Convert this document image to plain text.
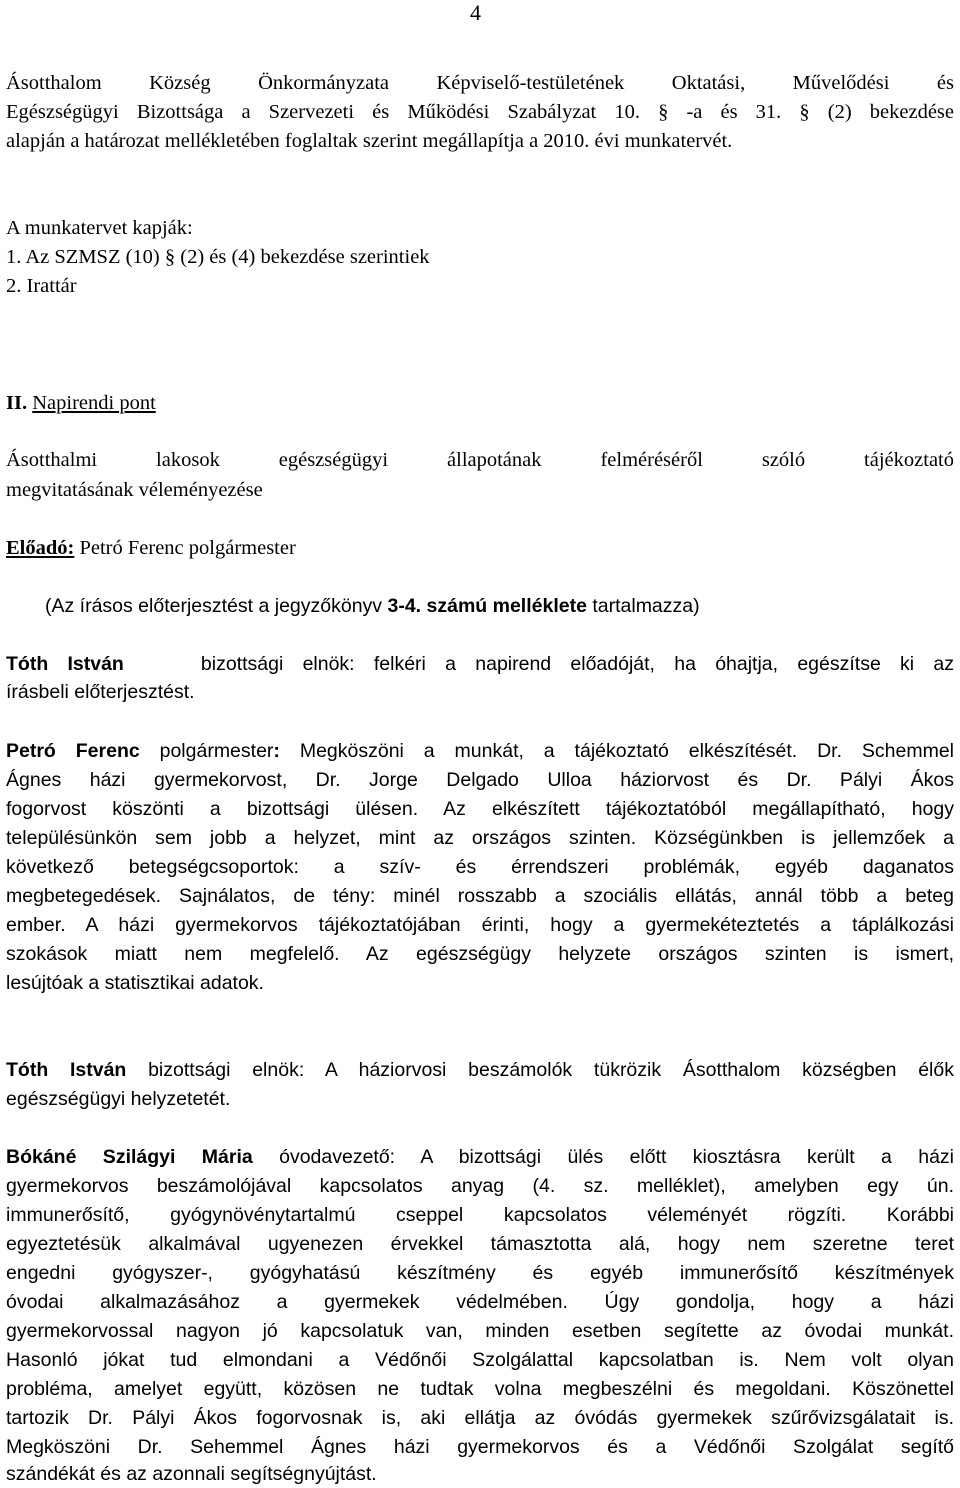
4
Ásotthalom Község Önkormányzata Képviselő-testületének Oktatási, Művelődési és
Egészségügyi Bizottsága a Szervezeti és Működési Szabályzat 10. § -a és 31. § (2) bekezdése
alapján a határozat mellékletében foglaltak szerint megállapítja a 2010. évi munkatervét.
A munkatervet kapják:
1. Az SZMSZ (10) § (2) és (4) bekezdése szerintiek
2. Irattár
II. Napirendi pont
Ásotthalmi lakosok egészségügyi állapotának felméréséről szóló tájékoztató
megvitatásának véleményezése
Előadó: Petró Ferenc polgármester
(Az írásos előterjesztést a jegyzőkönyv 3-4. számú melléklete tartalmazza)
Tóth István	bizottsági elnök: felkéri a napirend előadóját, ha óhajtja, egészítse ki az
írásbeli előterjesztést.
Petró Ferenc polgármester: Megköszöni a munkát, a tájékoztató elkészítését. Dr. Schemmel
Ágnes házi gyermekorvost, Dr. Jorge Delgado Ulloa háziorvost és Dr. Pályi Ákos
fogorvost köszönti a bizottsági ülésen. Az elkészített tájékoztatóból megállapítható, hogy
településünkön sem jobb a helyzet, mint az országos szinten. Községünkben is jellemzőek a
következő betegségcsoportok: a szív- és érrendszeri problémák, egyéb daganatos
megbetegedések. Sajnálatos, de tény: minél rosszabb a szociális ellátás, annál több a beteg
ember. A házi gyermekorvos tájékoztatójában érinti, hogy a gyermekéteztetés a táplálkozási
szokások miatt nem megfelelő. Az egészségügy helyzete országos szinten is ismert,
lesújtóak a statisztikai adatok.
Tóth István bizottsági elnök: A háziorvosi beszámolók tükrözik Ásotthalom községben élők
egészségügyi helyzetetét.
Bókáné Szilágyi Mária óvodavezető: A bizottsági ülés előtt kiosztásra került a házi
gyermekorvos beszámolójával kapcsolatos anyag (4. sz. melléklet), amelyben egy ún.
immunerősítő, gyógynövénytartalmú cseppel kapcsolatos véleményét rögzíti. Korábbi
egyeztetésük alkalmával ugyenezen érvekkel támasztotta alá, hogy nem szeretne teret
engedni gyógyszer-, gyógyhatású készítmény és egyéb immunerősítő készítmények
óvodai alkalmazásához a gyermekek védelmében. Úgy gondolja, hogy a házi
gyermekorvossal nagyon jó kapcsolatuk van, minden esetben segítette az óvodai munkát.
Hasonló jókat tud elmondani a Védőnői Szolgálattal kapcsolatban is. Nem volt olyan
probléma, amelyet együtt, közösen ne tudtak volna megbeszélni és megoldani. Köszönettel
tartozik Dr. Pályi Ákos fogorvosnak is, aki ellátja az óvódás gyermekek szűrővizsgálatait is.
Megköszöni Dr. Sehemmel Ágnes házi gyermekorvos és a Védőnői Szolgálat segítő
szándékát és az azonnali segítségnyújtást.
